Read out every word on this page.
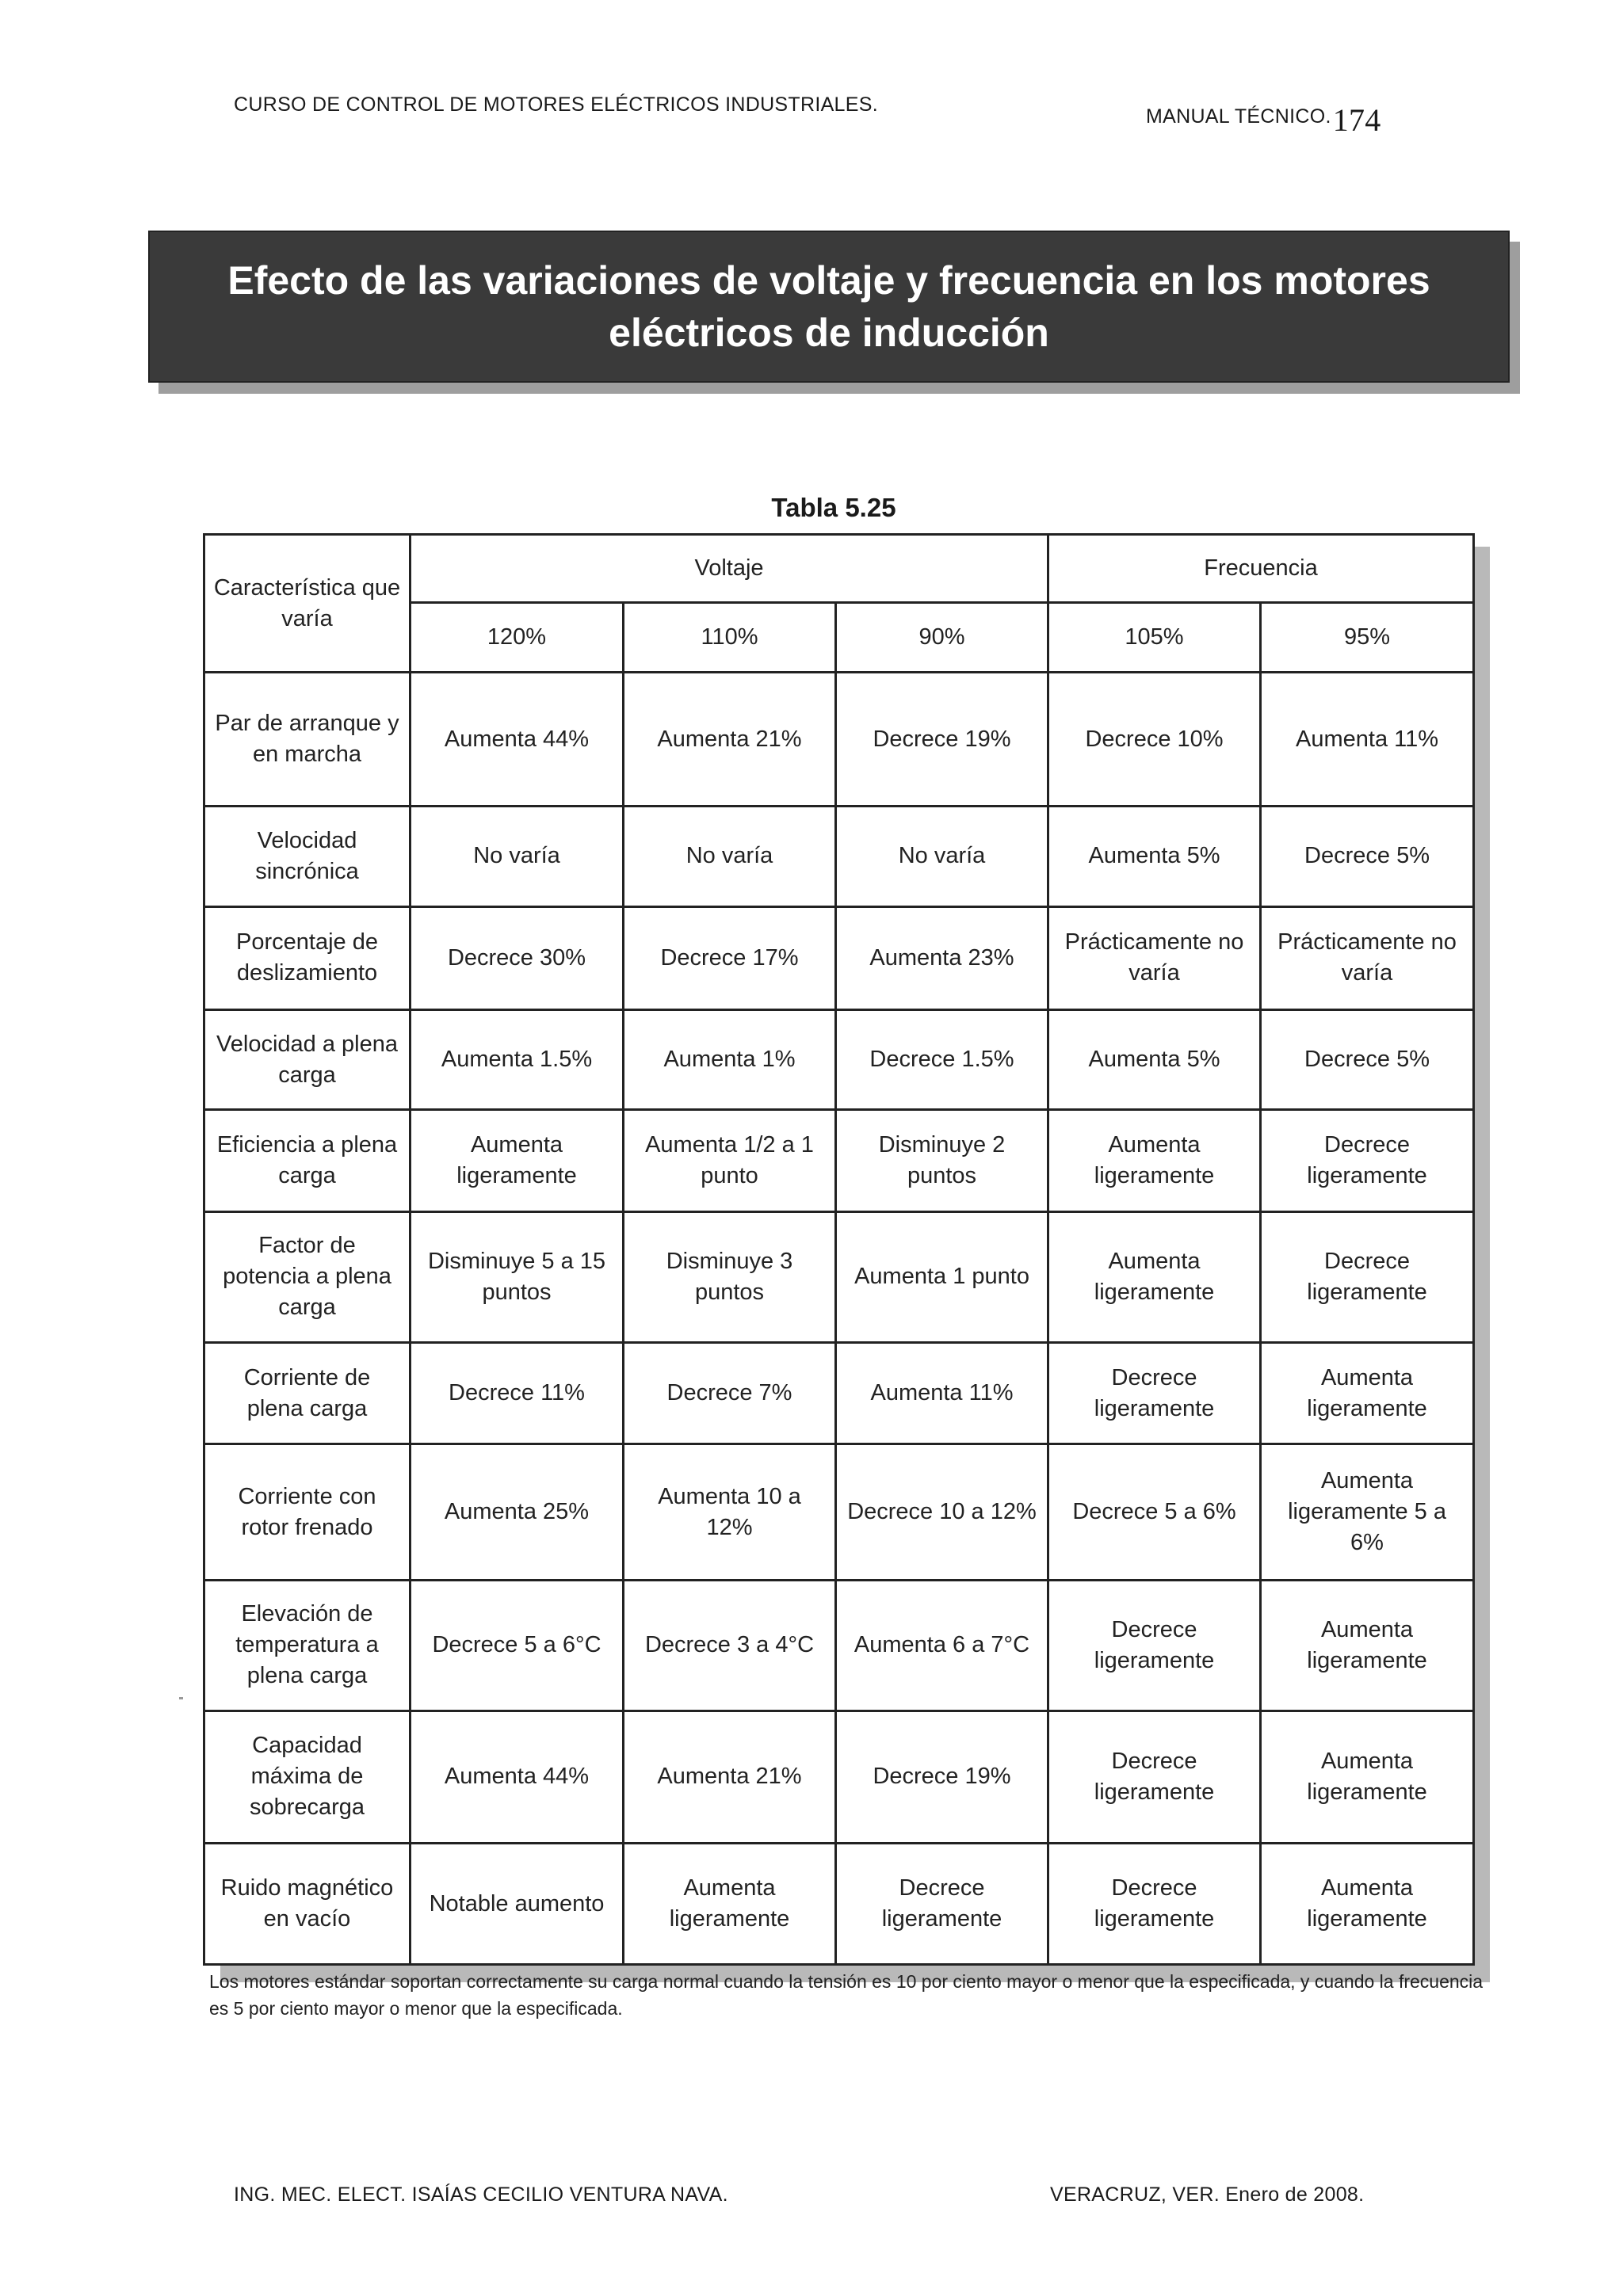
CURSO DE CONTROL DE MOTORES ELÉCTRICOS INDUSTRIALES.
MANUAL TÉCNICO.174
Efecto de las variaciones de voltaje y frecuencia en los motores eléctricos de inducción
Tabla 5.25
Característica que varía	Voltaje			Frecuencia	
	120%	110%	90%	105%	95%
Par de arranque y en marcha	Aumenta 44%	Aumenta 21%	Decrece 19%	Decrece 10%	Aumenta 11%
Velocidad sincrónica	No varía	No varía	No varía	Aumenta 5%	Decrece 5%
Porcentaje de deslizamiento	Decrece 30%	Decrece 17%	Aumenta 23%	Prácticamente no varía	Prácticamente no varía
Velocidad a plena carga	Aumenta 1.5%	Aumenta 1%	Decrece 1.5%	Aumenta 5%	Decrece 5%
Eficiencia a plena carga	Aumenta ligeramente	Aumenta 1/2 a 1 punto	Disminuye 2 puntos	Aumenta ligeramente	Decrece ligeramente
Factor de potencia a plena carga	Disminuye 5 a 15 puntos	Disminuye 3 puntos	Aumenta 1 punto	Aumenta ligeramente	Decrece ligeramente
Corriente de plena carga	Decrece 11%	Decrece 7%	Aumenta 11%	Decrece ligeramente	Aumenta ligeramente
Corriente con rotor frenado	Aumenta 25%	Aumenta 10 a 12%	Decrece 10 a 12%	Decrece 5 a 6%	Aumenta ligeramente 5 a 6%
Elevación de temperatura a plena carga	Decrece 5 a 6°C	Decrece 3 a 4°C	Aumenta 6 a 7°C	Decrece ligeramente	Aumenta ligeramente
Capacidad máxima de sobrecarga	Aumenta 44%	Aumenta 21%	Decrece 19%	Decrece ligeramente	Aumenta ligeramente
Ruido magnético en vacío	Notable aumento	Aumenta ligeramente	Decrece ligeramente	Decrece ligeramente	Aumenta ligeramente
Los motores estándar soportan correctamente su carga normal cuando la tensión es 10 por ciento mayor o menor que la especificada, y cuando la frecuencia es 5 por ciento mayor o menor que la especificada.
ING. MEC. ELECT. ISAÍAS CECILIO VENTURA NAVA.	VERACRUZ, VER. Enero de 2008.
